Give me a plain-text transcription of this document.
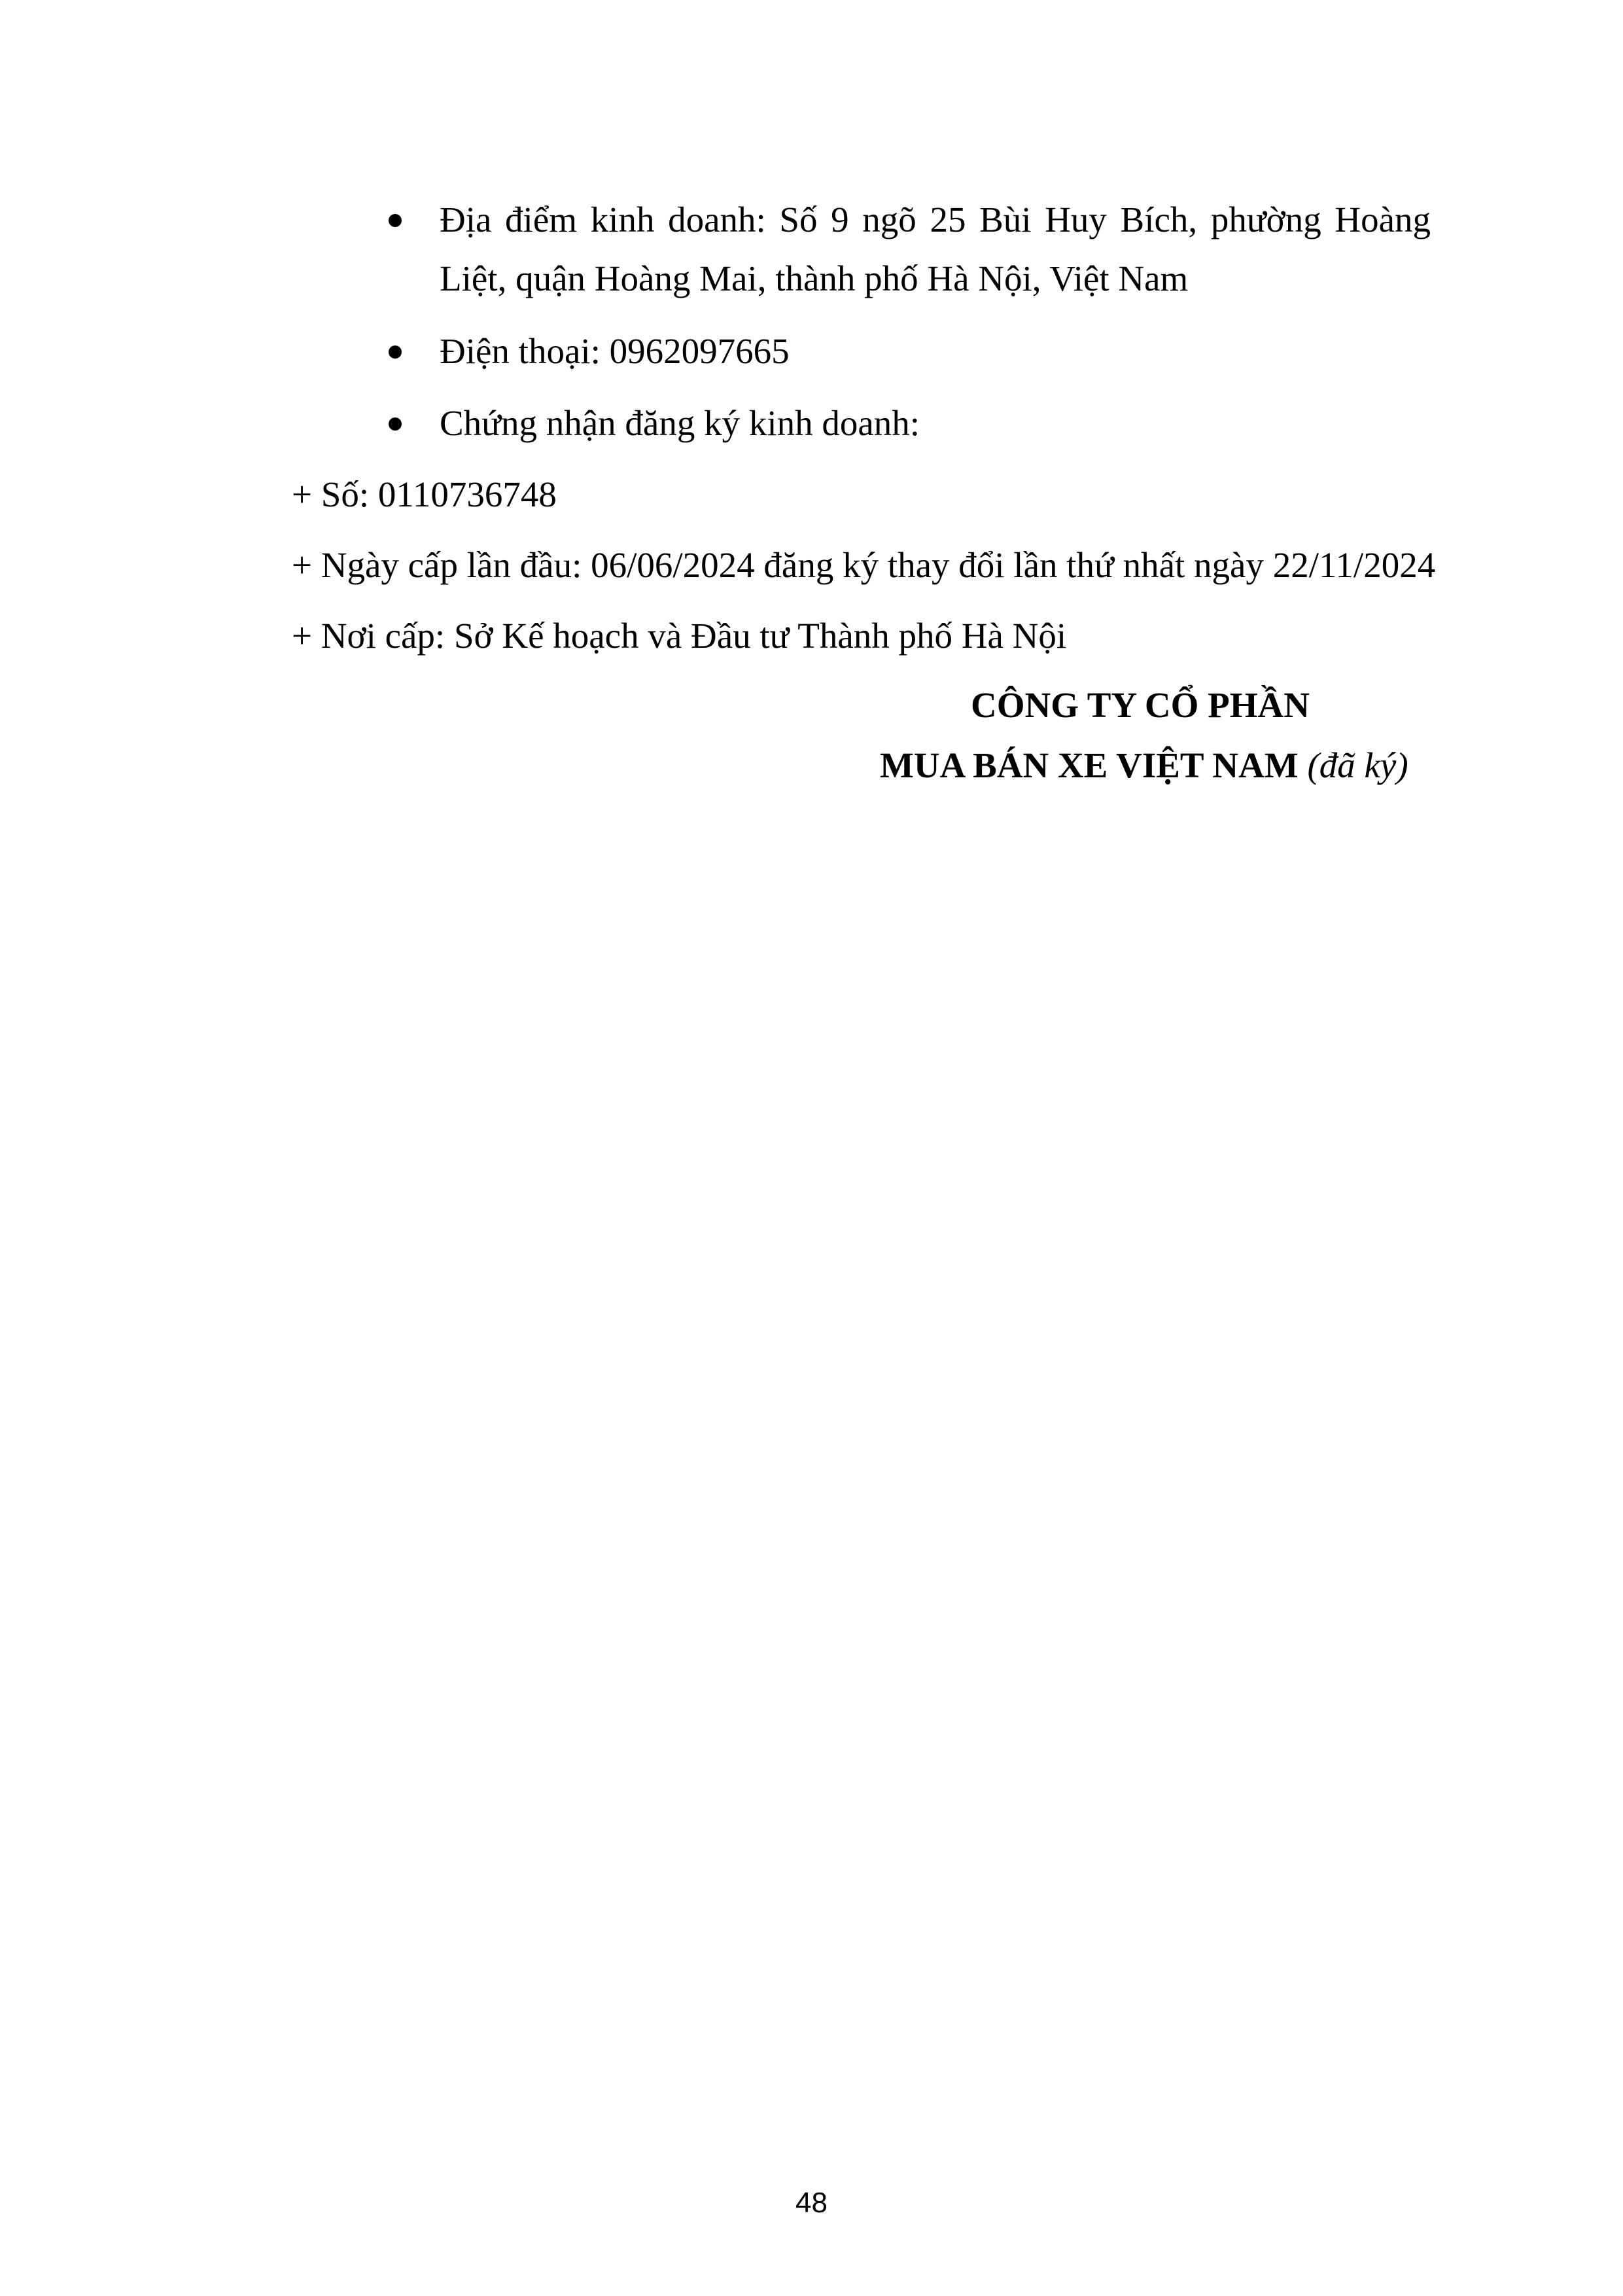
Địa điểm kinh doanh: Số 9 ngõ 25 Bùi Huy Bích, phường Hoàng
Liệt, quận Hoàng Mai, thành phố Hà Nội, Việt Nam
Điện thoại: 0962097665
Chứng nhận đăng ký kinh doanh:
+ Số: 0110736748
+ Ngày cấp lần đầu: 06/06/2024 đăng ký thay đổi lần thứ nhất ngày 22/11/2024
+ Nơi cấp: Sở Kế hoạch và Đầu tư Thành phố Hà Nội
CÔNG TY CỔ PHẦN
MUA BÁN XE VIỆT NAM (đã ký)
48
